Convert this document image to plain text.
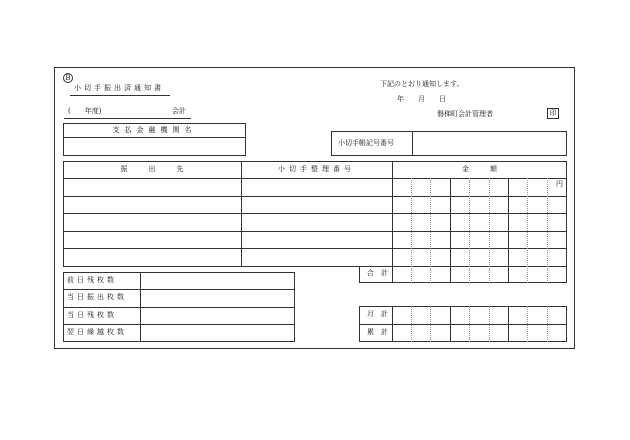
B
小切手振出済通知書
(　　年度)	会計
下記のとおり通知します。
年　　月　　日
磐梯町会計管理者	印
支払金融機関名
小切手帳記号番号
振　　　出　　　先	小切手整理番号	金　　　額
円
合　計
前日残枚数
当日振出枚数
当日残枚数
翌日繰越枚数
月　計
累　計
